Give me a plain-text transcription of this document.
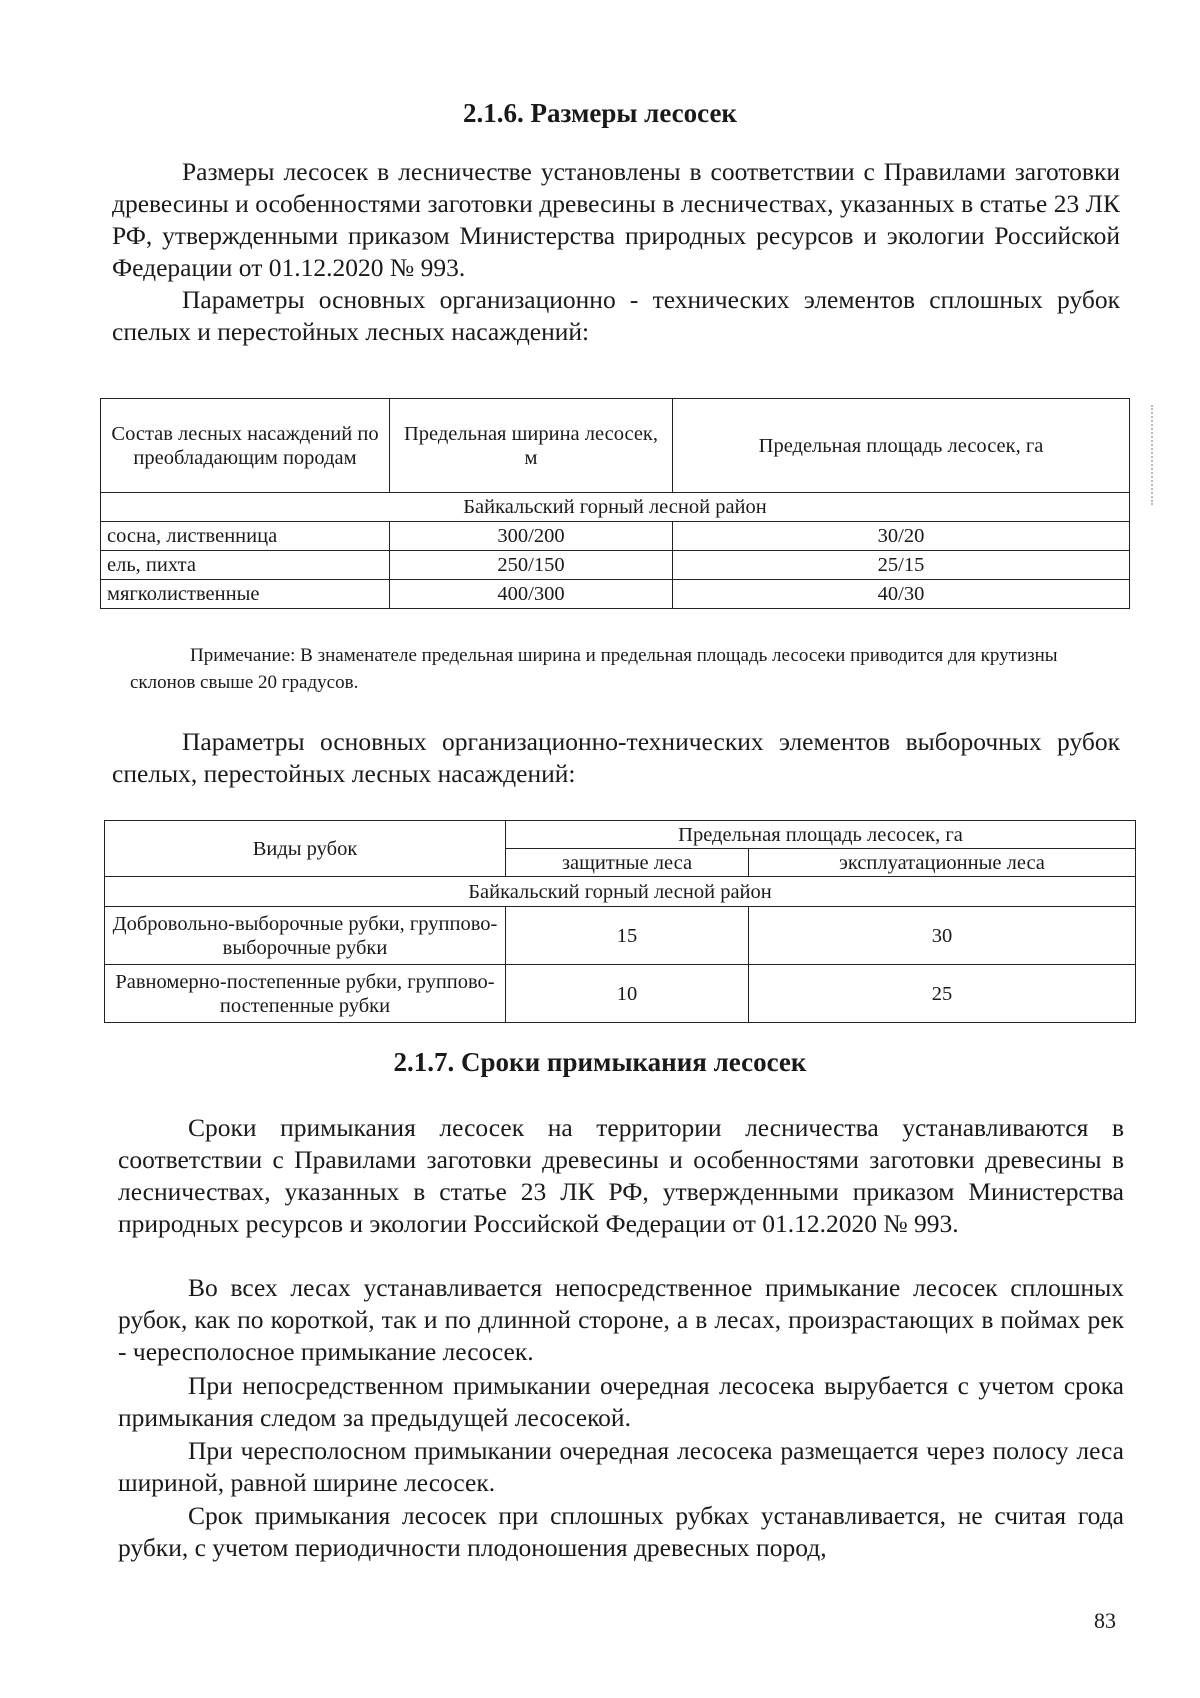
2.1.6. Размеры лесосек

Размеры лесосек в лесничестве установлены в соответствии с Правилами заготовки древесины и особенностями заготовки древесины в лесничествах, указанных в статье 23 ЛК РФ, утвержденными приказом Министерства природных ресурсов и экологии Российской Федерации от 01.12.2020 № 993.

Параметры основных организационно - технических элементов сплошных рубок спелых и перестойных лесных насаждений:

Состав лесных насаждений по преобладающим породам	Предельная ширина лесосек, м	Предельная площадь лесосек, га
Байкальский горный лесной район		
сосна, лиственница	300/200	30/20
ель, пихта	250/150	25/15
мягколиственные	400/300	40/30

Примечание: В знаменателе предельная ширина и предельная площадь лесосеки приводится для крутизны склонов свыше 20 градусов.

Параметры основных организационно-технических элементов выборочных рубок спелых, перестойных лесных насаждений:

Виды рубок	Предельная площадь лесосек, га	
	защитные леса	эксплуатационные леса
Байкальский горный лесной район		
Добровольно-выборочные рубки, группово-выборочные рубки	15	30
Равномерно-постепенные рубки, группово-постепенные рубки	10	25
2.1.7. Сроки примыкания лесосек

Сроки примыкания лесосек на территории лесничества устанавливаются в соответствии с Правилами заготовки древесины и особенностями заготовки древесины в лесничествах, указанных в статье 23 ЛК РФ, утвержденными приказом Министерства природных ресурсов и экологии Российской Федерации от 01.12.2020 № 993.

Во всех лесах устанавливается непосредственное примыкание лесосек сплошных рубок, как по короткой, так и по длинной стороне, а в лесах, произрастающих в поймах рек - чересполосное примыкание лесосек.

При непосредственном примыкании очередная лесосека вырубается с учетом срока примыкания следом за предыдущей лесосекой.

При чересполосном примыкании очередная лесосека размещается через полосу леса шириной, равной ширине лесосек.

Срок примыкания лесосек при сплошных рубках устанавливается, не считая года рубки, с учетом периодичности плодоношения древесных пород,

83
